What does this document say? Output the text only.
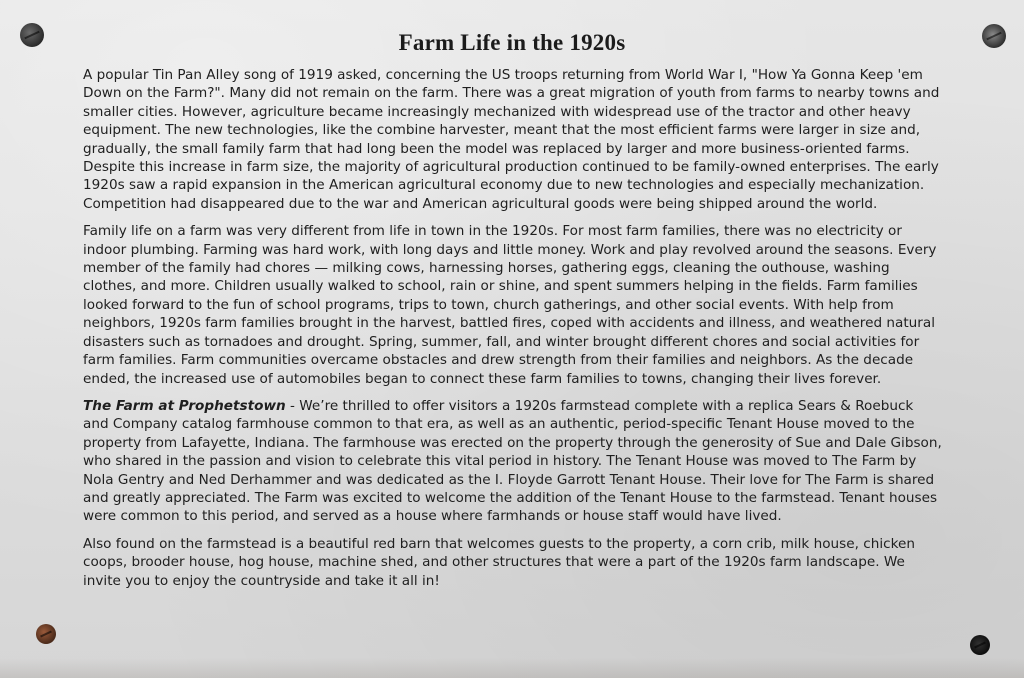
Farm Life in the 1920s

A popular Tin Pan Alley song of 1919 asked, concerning the US troops returning from World War I, "How Ya Gonna Keep 'em Down on the Farm?". Many did not remain on the farm. There was a great migration of youth from farms to nearby towns and smaller cities. However, agriculture became increasingly mechanized with widespread use of the tractor and other heavy equipment. The new technologies, like the combine harvester, meant that the most efficient farms were larger in size and, gradually, the small family farm that had long been the model was replaced by larger and more business-oriented farms. Despite this increase in farm size, the majority of agricultural production continued to be family-owned enterprises. The early 1920s saw a rapid expansion in the American agricultural economy due to new technologies and especially mechanization. Competition had disappeared due to the war and American agricultural goods were being shipped around the world.

Family life on a farm was very different from life in town in the 1920s. For most farm families, there was no electricity or indoor plumbing. Farming was hard work, with long days and little money. Work and play revolved around the seasons. Every member of the family had chores — milking cows, harnessing horses, gathering eggs, cleaning the outhouse, washing clothes, and more. Children usually walked to school, rain or shine, and spent summers helping in the fields. Farm families looked forward to the fun of school programs, trips to town, church gatherings, and other social events. With help from neighbors, 1920s farm families brought in the harvest, battled fires, coped with accidents and illness, and weathered natural disasters such as tornadoes and drought. Spring, summer, fall, and winter brought different chores and social activities for farm families. Farm communities overcame obstacles and drew strength from their families and neighbors. As the decade ended, the increased use of automobiles began to connect these farm families to towns, changing their lives forever.

The Farm at Prophetstown - We’re thrilled to offer visitors a 1920s farmstead complete with a replica Sears & Roebuck and Company catalog farmhouse common to that era, as well as an authentic, period-specific Tenant House moved to the property from Lafayette, Indiana. The farmhouse was erected on the property through the generosity of Sue and Dale Gibson, who shared in the passion and vision to celebrate this vital period in history. The Tenant House was moved to The Farm by Nola Gentry and Ned Derhammer and was dedicated as the I. Floyde Garrott Tenant House. Their love for The Farm is shared and greatly appreciated. The Farm was excited to welcome the addition of the Tenant House to the farmstead. Tenant houses were common to this period, and served as a house where farmhands or house staff would have lived.

Also found on the farmstead is a beautiful red barn that welcomes guests to the property, a corn crib, milk house, chicken coops, brooder house, hog house, machine shed, and other structures that were a part of the 1920s farm landscape. We invite you to enjoy the countryside and take it all in!
